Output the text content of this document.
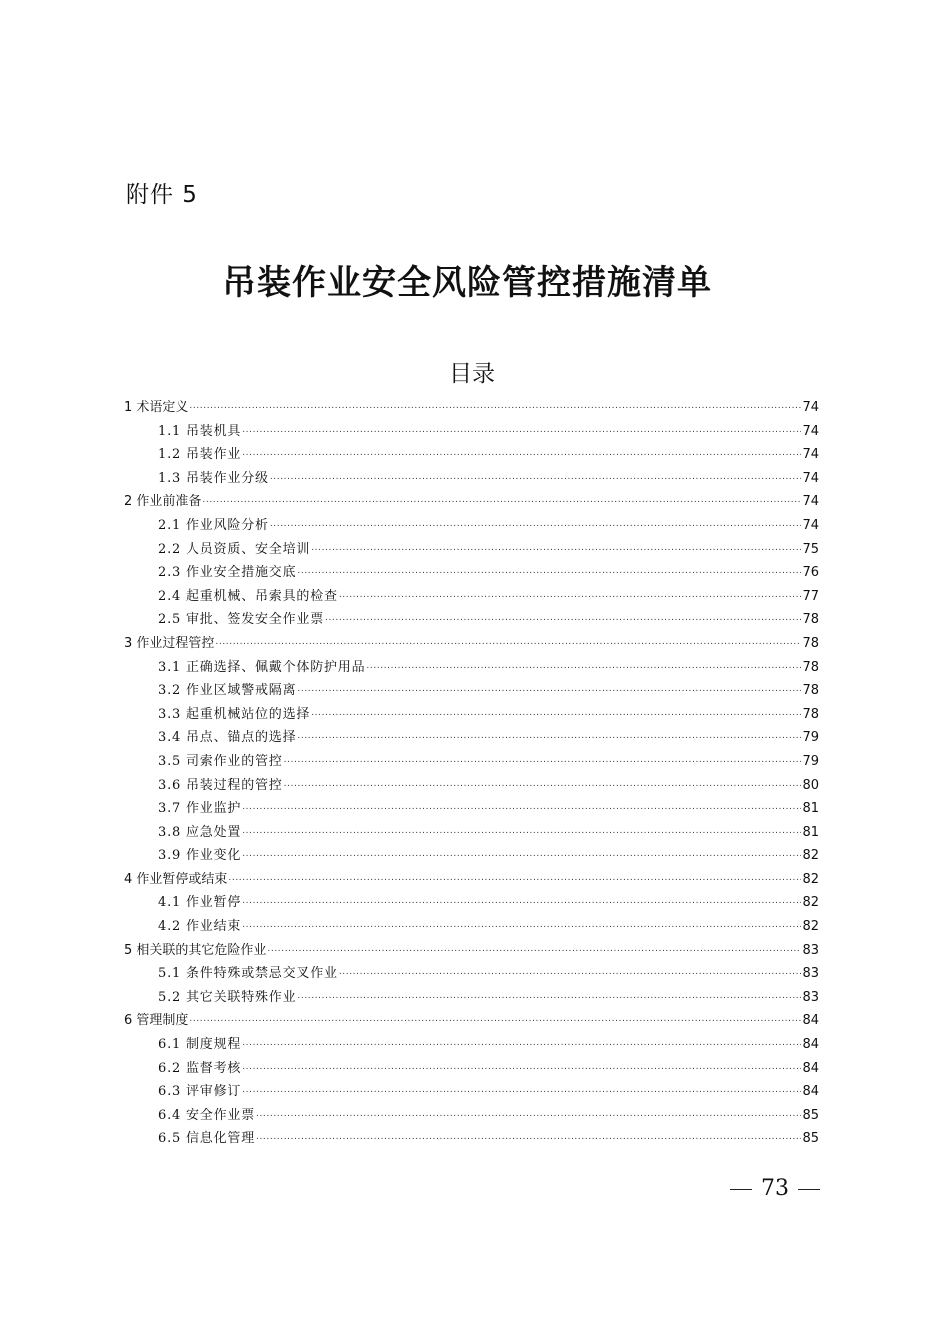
附件 5
吊装作业安全风险管控措施清单
目录
1 术语定义 .....	74
1.1 吊装机具 .....	74
1.2 吊装作业 .....	74
1.3 吊装作业分级 .....	74
2 作业前准备 .....	74
2.1 作业风险分析 .....	74
2.2 人员资质、安全培训 .....	75
2.3 作业安全措施交底 .....	76
2.4 起重机械、吊索具的检查 .....	77
2.5 审批、签发安全作业票 .....	78
3 作业过程管控 .....	78
3.1 正确选择、佩戴个体防护用品 .....	78
3.2 作业区域警戒隔离 .....	78
3.3 起重机械站位的选择 .....	78
3.4 吊点、锚点的选择 .....	79
3.5 司索作业的管控 .....	79
3.6 吊装过程的管控 .....	80
3.7 作业监护 .....	81
3.8 应急处置 .....	81
3.9 作业变化 .....	82
4 作业暂停或结束 .....	82
4.1 作业暂停 .....	82
4.2 作业结束 .....	82
5 相关联的其它危险作业 .....	83
5.1 条件特殊或禁忌交叉作业 .....	83
5.2 其它关联特殊作业 .....	83
6 管理制度 .....	84
6.1 制度规程 .....	84
6.2 监督考核 .....	84
6.3 评审修订 .....	84
6.4 安全作业票 .....	85
6.5 信息化管理 .....	85
73
